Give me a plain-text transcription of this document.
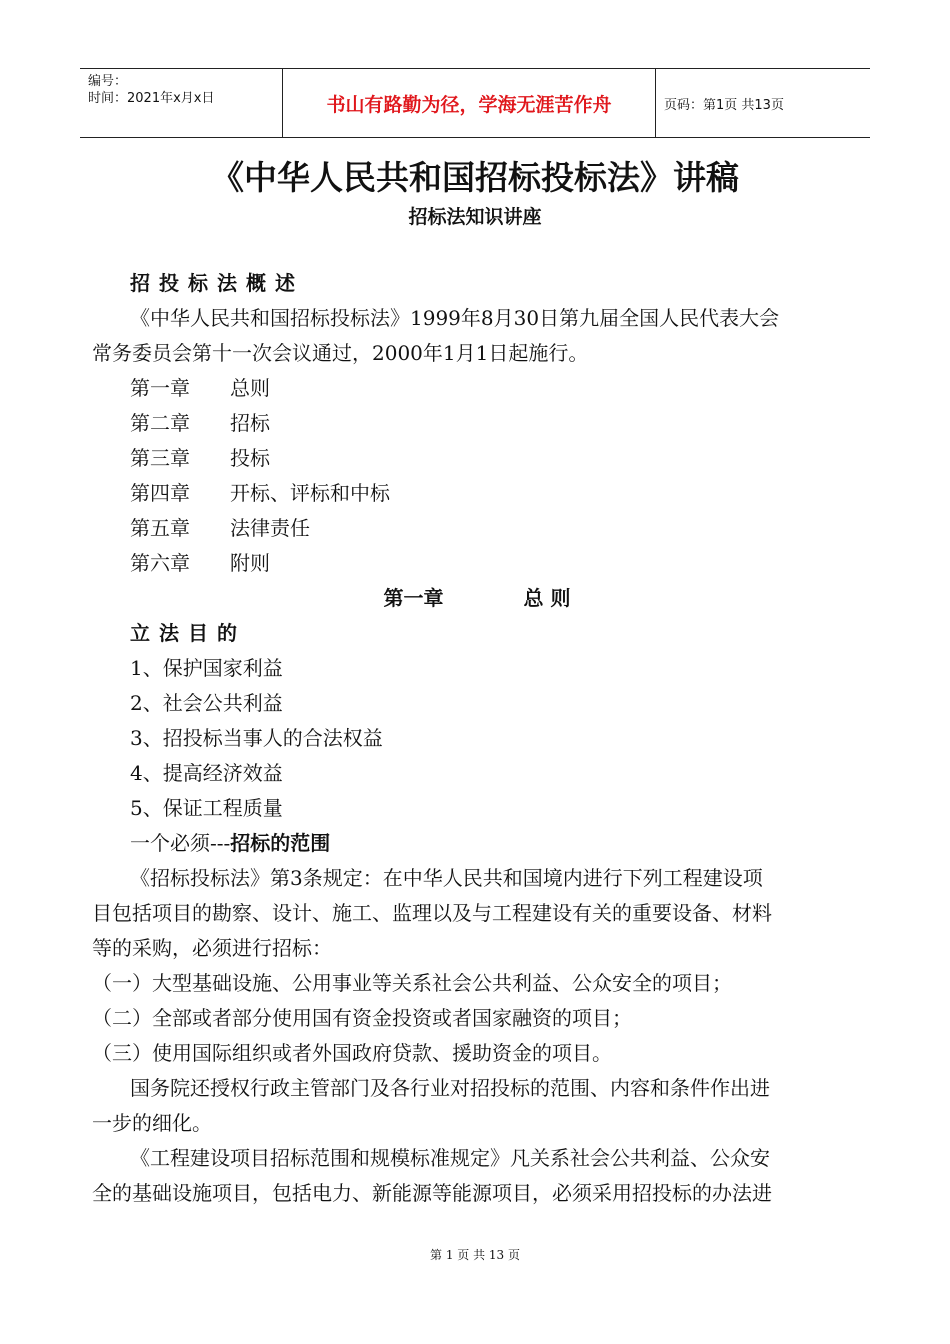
编号：
时间：2021年x月x日	书山有路勤为径，学海无涯苦作舟	页码：第1页 共13页
《中华人民共和国招标投标法》讲稿
招标法知识讲座
招投标法概述
《中华人民共和国招标投标法》1999年8月30日第九届全国人民代表大会
常务委员会第十一次会议通过，2000年1月1日起施行。
第一章 总则
第二章 招标
第三章 投标
第四章 开标、评标和中标
第五章 法律责任
第六章 附则
第一章	总 则
立法目的
1、保护国家利益
2、社会公共利益
3、招投标当事人的合法权益
4、提高经济效益
5、保证工程质量
一个必须---招标的范围
《招标投标法》第3条规定：在中华人民共和国境内进行下列工程建设项
目包括项目的勘察、设计、施工、监理以及与工程建设有关的重要设备、材料
等的采购，必须进行招标：
（一）大型基础设施、公用事业等关系社会公共利益、公众安全的项目；
（二）全部或者部分使用国有资金投资或者国家融资的项目；
（三）使用国际组织或者外国政府贷款、援助资金的项目。
国务院还授权行政主管部门及各行业对招投标的范围、内容和条件作出进
一步的细化。
《工程建设项目招标范围和规模标准规定》凡关系社会公共利益、公众安
全的基础设施项目，包括电力、新能源等能源项目，必须采用招投标的办法进
第 1 页 共 13 页
